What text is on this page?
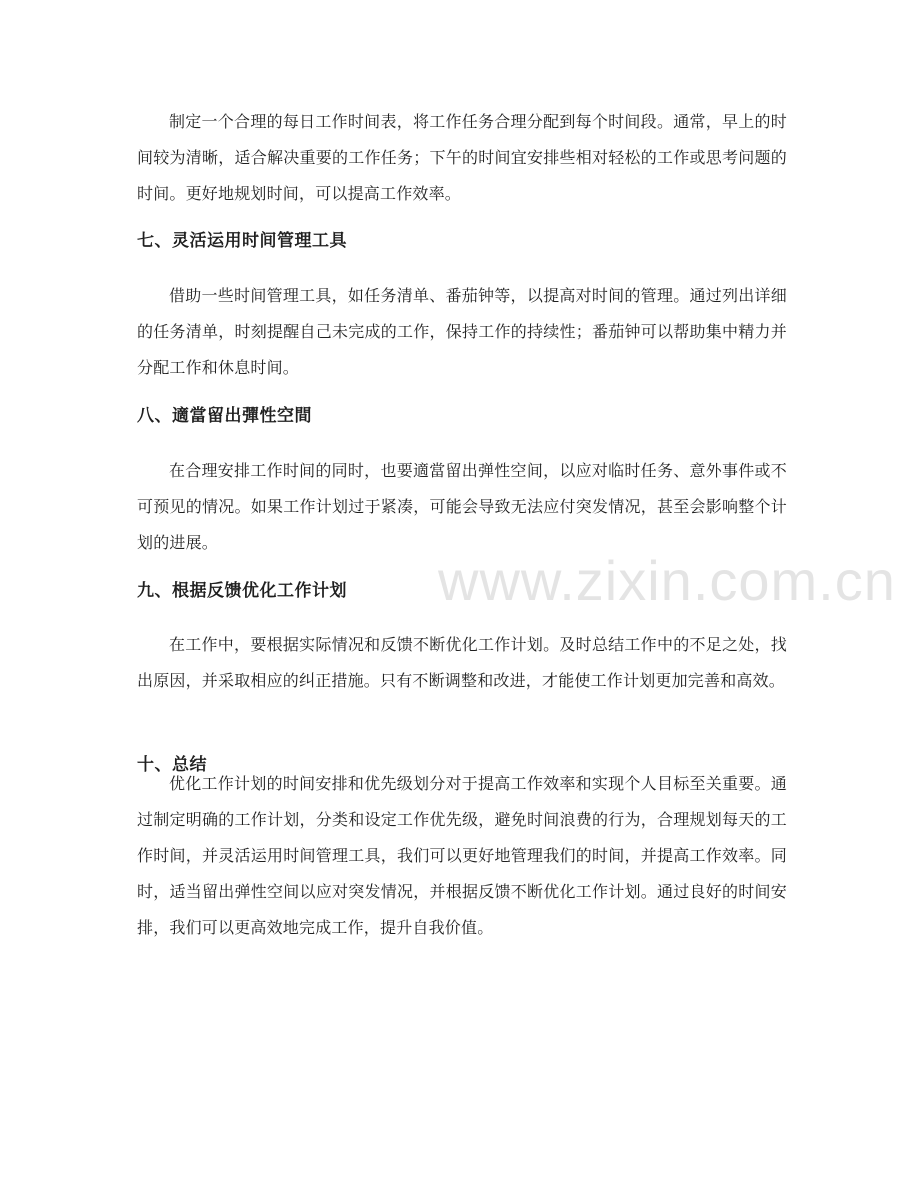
制定一个合理的每日工作时间表，将工作任务合理分配到每个时间段。通常，早上的时间较为清晰，适合解决重要的工作任务；下午的时间宜安排些相对轻松的工作或思考问题的时间。更好地规划时间，可以提高工作效率。

七、灵活运用时间管理工具

借助一些时间管理工具，如任务清单、番茄钟等，以提高对时间的管理。通过列出详细的任务清单，时刻提醒自己未完成的工作，保持工作的持续性；番茄钟可以帮助集中精力并分配工作和休息时间。

八、適當留出彈性空間

在合理安排工作时间的同时，也要適當留出弹性空间，以应对临时任务、意外事件或不可预见的情况。如果工作计划过于紧凑，可能会导致无法应付突发情况，甚至会影响整个计划的进展。

九、根据反馈优化工作计划

在工作中，要根据实际情况和反馈不断优化工作计划。及时总结工作中的不足之处，找出原因，并采取相应的纠正措施。只有不断调整和改进，才能使工作计划更加完善和高效。

十、总结

优化工作计划的时间安排和优先级划分对于提高工作效率和实现个人目标至关重要。通过制定明确的工作计划，分类和设定工作优先级，避免时间浪费的行为，合理规划每天的工作时间，并灵活运用时间管理工具，我们可以更好地管理我们的时间，并提高工作效率。同时，适当留出弹性空间以应对突发情况，并根据反馈不断优化工作计划。通过良好的时间安排，我们可以更高效地完成工作，提升自我价值。

www.zixin.com.cn
